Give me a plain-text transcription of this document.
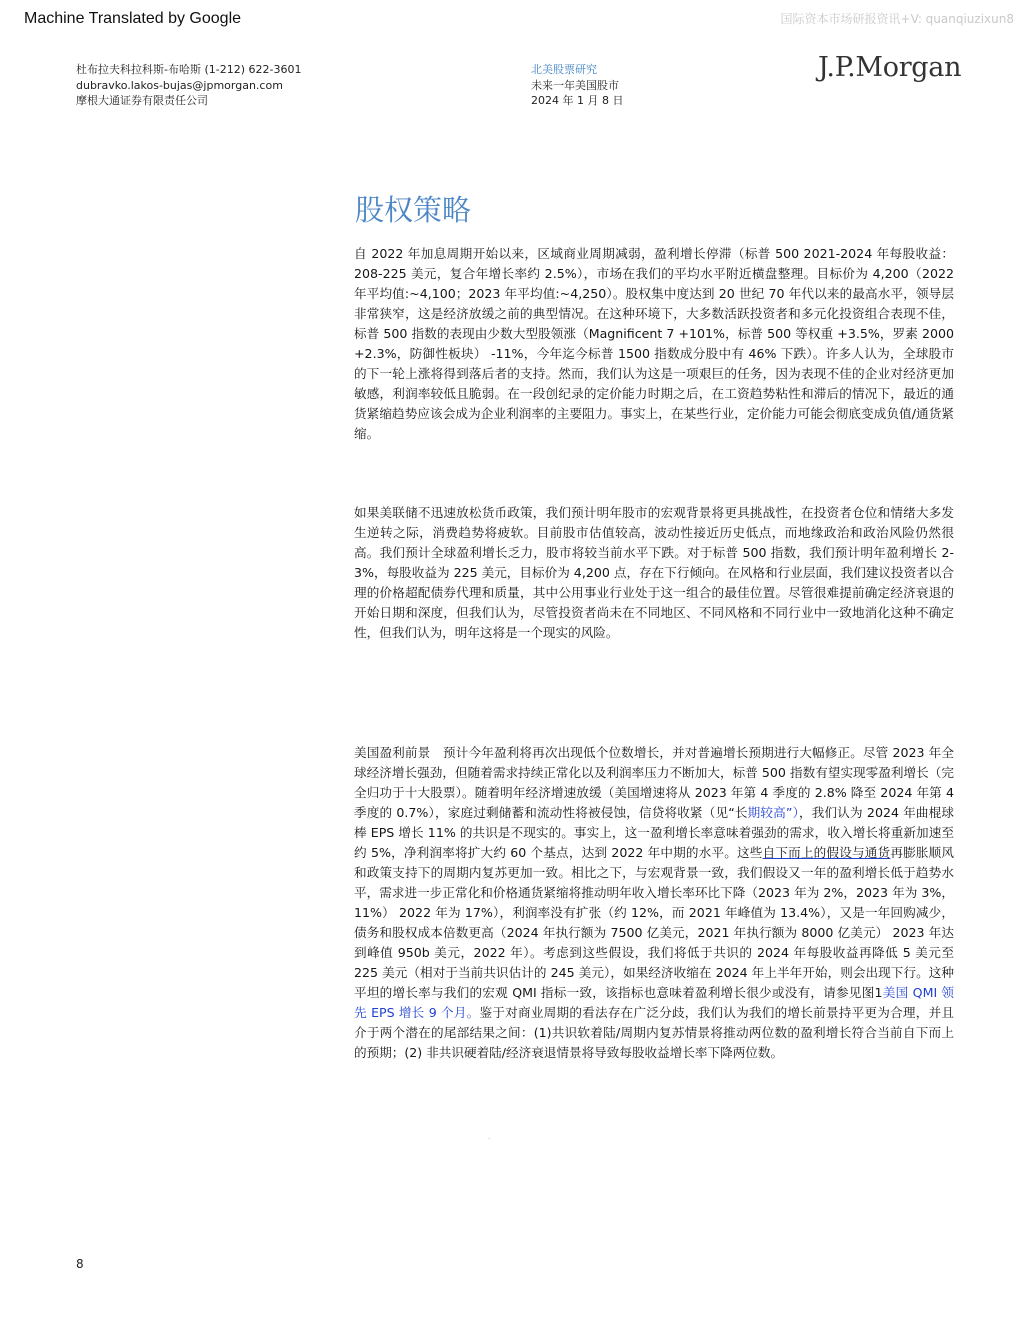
Machine Translated by Google	国际资本市场研报资讯+V: quanqiuzixun8
杜布拉夫科拉科斯-布哈斯 (1-212) 622-3601
dubravko.lakos-bujas@jpmorgan.com
摩根大通证券有限责任公司
北美股票研究
未来一年美国股市
2024 年 1 月 8 日
J.P.Morgan
股权策略
自 2022 年加息周期开始以来，区域商业周期减弱，盈利增长停滞（标普 500 2021-2024 年每股收益：208-225 美元，复合年增长率约 2.5%），市场在我们的平均水平附近横盘整理。目标价为 4,200（2022 年平均值:~4,100；2023 年平均值:~4,250）。股权集中度达到 20 世纪 70 年代以来的最高水平，领导层非常狭窄，这是经济放缓之前的典型情况。在这种环境下，大多数活跃投资者和多元化投资组合表现不佳，标普 500 指数的表现由少数大型股领涨（Magnificent 7 +101%，标普 500 等权重 +3.5%，罗素 2000 +2.3%，防御性板块） -11%，今年迄今标普 1500 指数成分股中有 46% 下跌）。许多人认为，全球股市的下一轮上涨将得到落后者的支持。然而，我们认为这是一项艰巨的任务，因为表现不佳的企业对经济更加敏感，利润率较低且脆弱。在一段创纪录的定价能力时期之后，在工资趋势粘性和滞后的情况下，最近的通货紧缩趋势应该会成为企业利润率的主要阻力。事实上，在某些行业，定价能力可能会彻底变成负值/通货紧缩。
如果美联储不迅速放松货币政策，我们预计明年股市的宏观背景将更具挑战性，在投资者仓位和情绪大多发生逆转之际，消费趋势将疲软。目前股市估值较高，波动性接近历史低点，而地缘政治和政治风险仍然很高。我们预计全球盈利增长乏力，股市将较当前水平下跌。对于标普 500 指数，我们预计明年盈利增长 2-3%，每股收益为 225 美元，目标价为 4,200 点，存在下行倾向。在风格和行业层面，我们建议投资者以合理的价格超配债券代理和质量，其中公用事业行业处于这一组合的最佳位置。尽管很难提前确定经济衰退的开始日期和深度，但我们认为，尽管投资者尚未在不同地区、不同风格和不同行业中一致地消化这种不确定性，但我们认为，明年这将是一个现实的风险。
美国盈利前景　预计今年盈利将再次出现低个位数增长，并对普遍增长预期进行大幅修正。尽管 2023 年全球经济增长强劲，但随着需求持续正常化以及利润率压力不断加大，标普 500 指数有望实现零盈利增长（完全归功于十大股票）。随着明年经济增速放缓（美国增速将从 2023 年第 4 季度的 2.8% 降至 2024 年第 4 季度的 0.7%），家庭过剩储蓄和流动性将被侵蚀，信贷将收紧（见“长期较高”），我们认为 2024 年曲棍球棒 EPS 增长 11% 的共识是不现实的。事实上，这一盈利增长率意味着强劲的需求，收入增长将重新加速至约 5%，净利润率将扩大约 60 个基点，达到 2022 年中期的水平。这些自下而上的假设与通货再膨胀顺风和政策支持下的周期内复苏更加一致。相比之下，与宏观背景一致，我们假设又一年的盈利增长低于趋势水平，需求进一步正常化和价格通货紧缩将推动明年收入增长率环比下降（2023 年为 2%，2023 年为 3%，11%） 2022 年为 17%），利润率没有扩张（约 12%，而 2021 年峰值为 13.4%），又是一年回购减少，债务和股权成本倍数更高（2024 年执行额为 7500 亿美元，2021 年执行额为 8000 亿美元） 2023 年达到峰值 950b 美元，2022 年）。考虑到这些假设，我们将低于共识的 2024 年每股收益再降低 5 美元至 225 美元（相对于当前共识估计的 245 美元），如果经济收缩在 2024 年上半年开始，则会出现下行。这种平坦的增长率与我们的宏观 QMI 指标一致，该指标也意味着盈利增长很少或没有，请参见图1美国 QMI 领先 EPS 增长 9 个月。鉴于对商业周期的看法存在广泛分歧，我们认为我们的增长前景持平更为合理，并且介于两个潜在的尾部结果之间：(1)共识软着陆/周期内复苏情景将推动两位数的盈利增长符合当前自下而上的预期；(2) 非共识硬着陆/经济衰退情景将导致每股收益增长率下降两位数。
.
8
